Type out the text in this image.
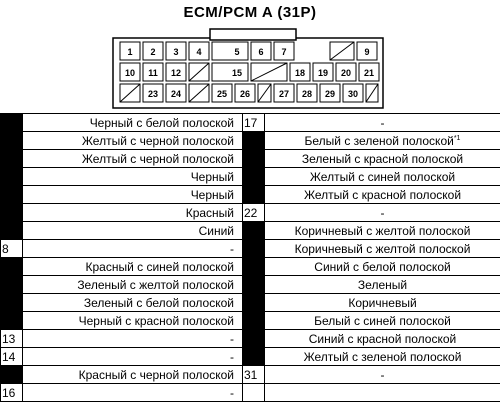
ECM/PCM A (31P)
1 2 3 4	5 6 7	9
10 11 12	15	18 19 20 21
23 24	25 26	27 28 29 30
	Черный с белой полоской	17	-
	Желтый с черной полоской		Белый с зеленой полоской$^{*1}$
	Желтый с черной полоской		Зеленый с красной полоской
	Черный		Желтый с синей полоской
	Черный		Желтый с красной полоской
	Красный	22	-
	Синий		Коричневый с желтой полоской
8	-		Коричневый с желтой полоской
	Красный с синей полоской		Синий с белой полоской
	Зеленый с желтой полоской		Зеленый
	Зеленый с белой полоской		Коричневый
	Черный с красной полоской		Белый с синей полоской
13	-		Синий с красной полоской
14	-		Желтый с зеленой полоской
	Красный с черной полоской	31	-
16	-		
